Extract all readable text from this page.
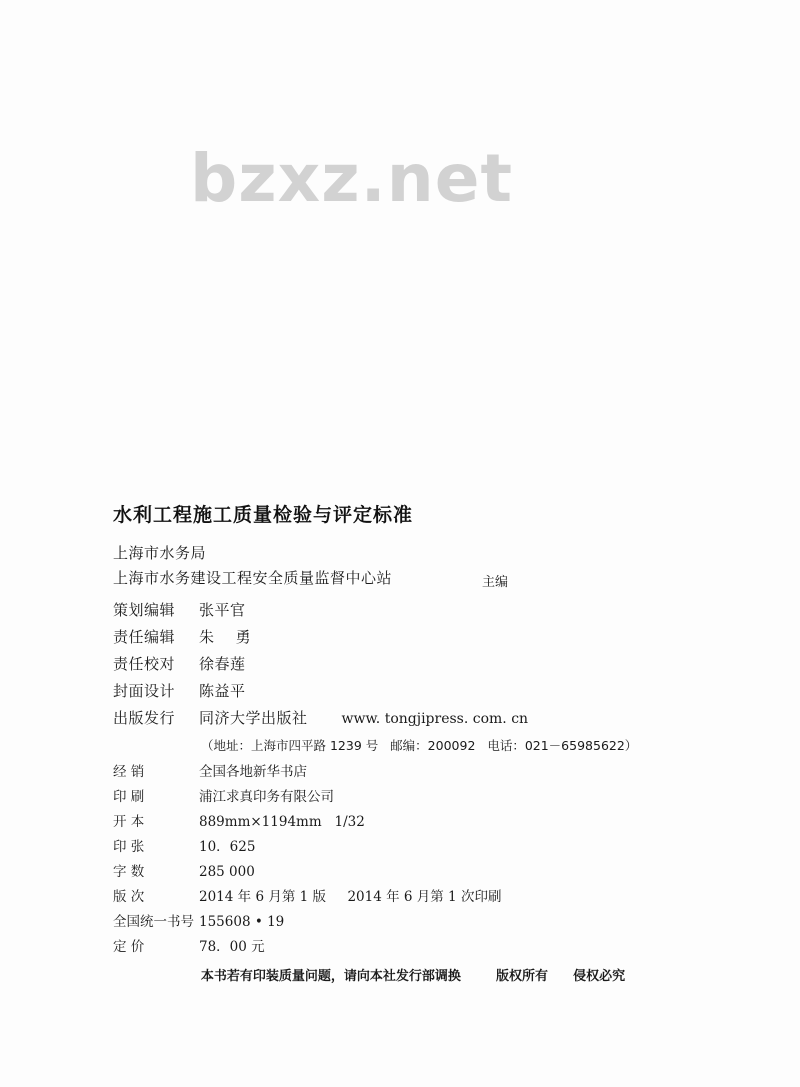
bzxz.net
水利工程施工质量检验与评定标准
上海市水务局
上海市水务建设工程安全质量监督中心站	主编
策划编辑	张平官
责任编辑	朱    勇
责任校对	徐春莲
封面设计	陈益平
出版发行	同济大学出版社 www. tongjipress. com. cn
（地址：上海市四平路 1239 号   邮编：200092   电话：021－65985622）
经 销	全国各地新华书店
印 刷	浦江求真印务有限公司
开 本	889mm×1194mm   1/32
印 张	10．625
字 数	285 000
版 次	2014 年 6 月第 1 版     2014 年 6 月第 1 次印刷
全国统一书号 155608 • 19
定 价	78．00 元
本书若有印装质量问题，请向本社发行部调换	版权所有 侵权必究
